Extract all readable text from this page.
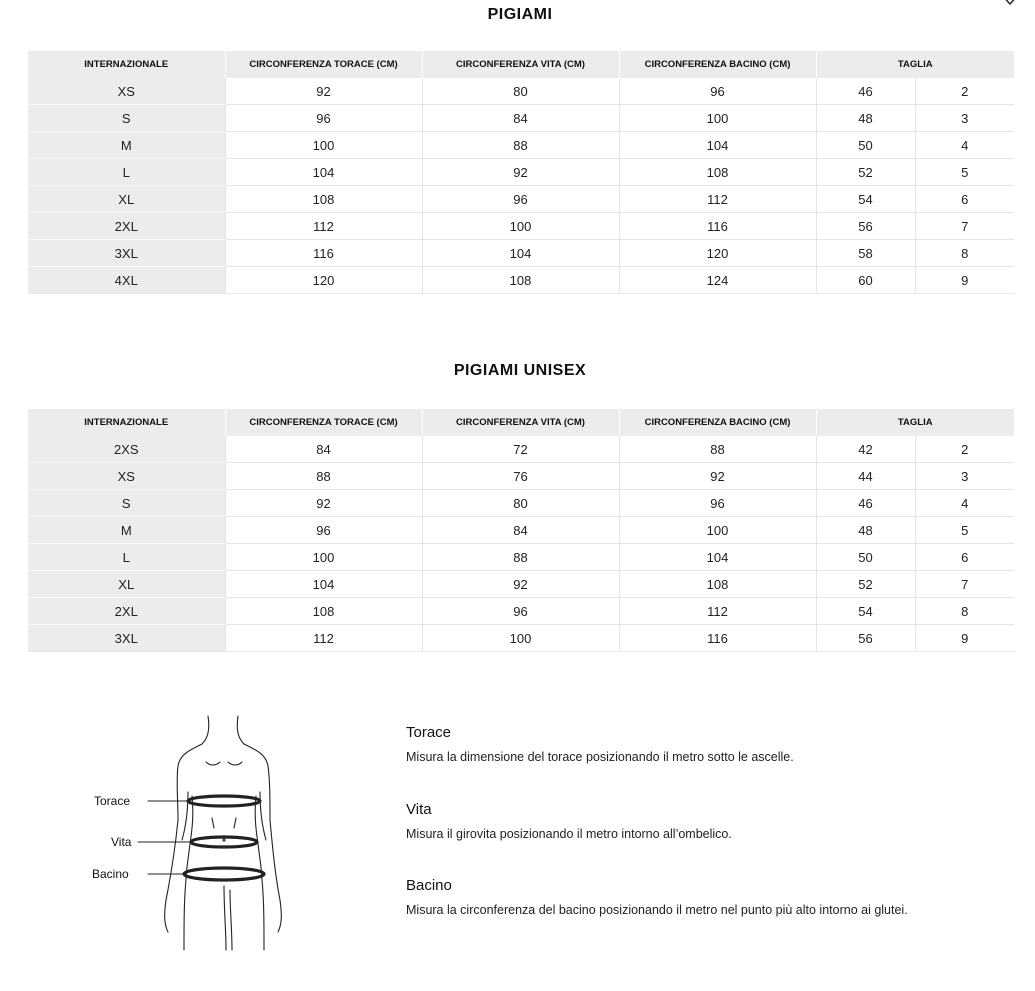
PIGIAMI
INTERNAZIONALE	CIRCONFERENZA TORACE (CM)	CIRCONFERENZA VITA (CM)	CIRCONFERENZA BACINO (CM)	TAGLIA	
XS	92	80	96	46	2
S	96	84	100	48	3
M	100	88	104	50	4
L	104	92	108	52	5
XL	108	96	112	54	6
2XL	112	100	116	56	7
3XL	116	104	120	58	8
4XL	120	108	124	60	9
PIGIAMI UNISEX
INTERNAZIONALE	CIRCONFERENZA TORACE (CM)	CIRCONFERENZA VITA (CM)	CIRCONFERENZA BACINO (CM)	TAGLIA	
2XS	84	72	88	42	2
XS	88	76	92	44	3
S	92	80	96	46	4
M	96	84	100	48	5
L	100	88	104	50	6
XL	104	92	108	52	7
2XL	108	96	112	54	8
3XL	112	100	116	56	9
Torace
Vita
Bacino

Torace

Misura la dimensione del torace posizionando il metro sotto le ascelle.

Vita

Misura il girovita posizionando il metro intorno all’ombelico.

Bacino

Misura la circonferenza del bacino posizionando il metro nel punto più alto intorno ai glutei.
